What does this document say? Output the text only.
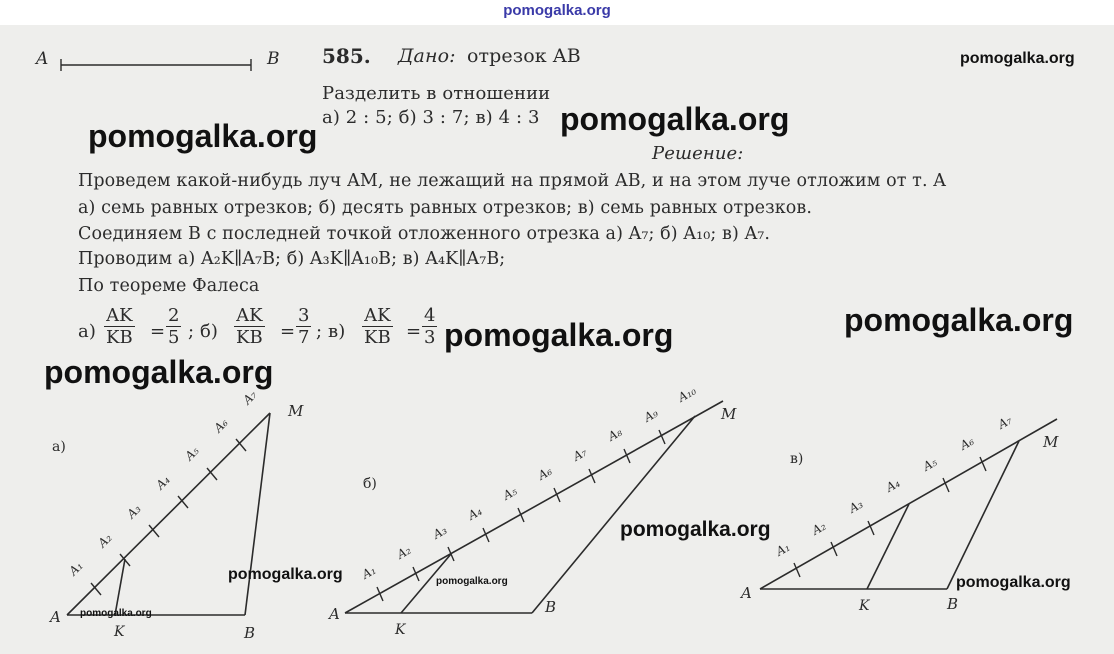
pomogalka.org
A	B 585. Дано: отрезок AB
Разделить в отношении
а) 2 : 5; б) 3 : 7; в) 4 : 3
Решение:
Проведем какой-нибудь луч AM, не лежащий на прямой AB, и на этом луче отложим от т. A
а) семь равных отрезков; б) десять равных отрезков; в) семь равных отрезков.
Соединяем B с последней точкой отложенного отрезка а) A₇; б) A₁₀; в) A₇.
Проводим а) A₂K∥A₇B; б) A₃K∥A₁₀B; в) A₄K∥A₇B;
По теореме Фалеса
$а) \frac{AK}{KB} = \frac{2}{5}$ ; $б) \frac{AK}{KB} = \frac{3}{7}$ ; $в) \frac{AK}{KB} = \frac{4}{3}$
а)
A
B
K
M
A₁
A₂
A₃
A₄
A₅
A₆
A₇
б)
A	B
K
M
A₁
A₂
A₃
A₄
A₅
A₆
A₇
A₈
A₉
A₁₀
в)
A
B
K
M
A₁
A₂
A₃
A₄
A₅
A₆
A₇
pomogalka.org
pomogalka.org	pomogalka.org
pomogalka.org	pomogalka.org
pomogalka.org
pomogalka.org
pomogalka.org	pomogalka.org	pomogalka.org
pomogalka.org
